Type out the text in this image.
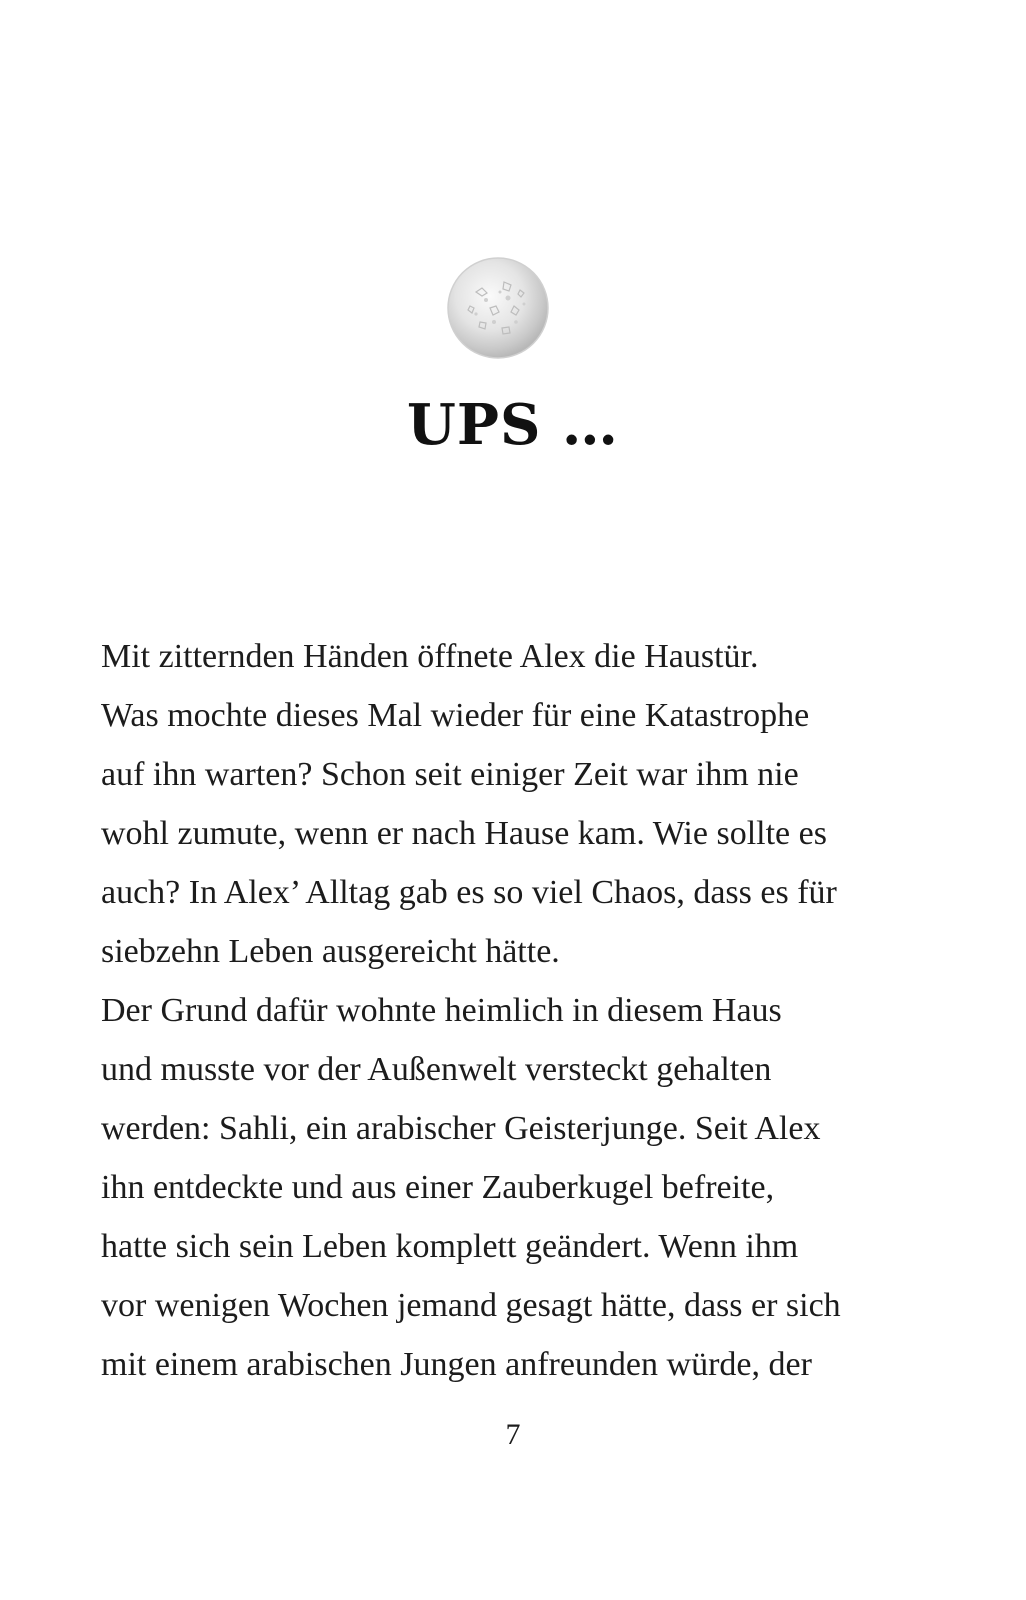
UPS …
Mit zitternden Händen öffnete Alex die Haustür.
Was mochte dieses Mal wieder für eine Katastrophe
auf ihn warten? Schon seit einiger Zeit war ihm nie
wohl zumute, wenn er nach Hause kam. Wie sollte es
auch? In Alex’ Alltag gab es so viel Chaos, dass es für
siebzehn Leben ausgereicht hätte.
Der Grund dafür wohnte heimlich in diesem Haus
und musste vor der Außenwelt versteckt gehalten
werden: Sahli, ein arabischer Geisterjunge. Seit Alex
ihn entdeckte und aus einer Zauberkugel befreite,
hatte sich sein Leben komplett geändert. Wenn ihm
vor wenigen Wochen jemand gesagt hätte, dass er sich
mit einem arabischen Jungen anfreunden würde, der
7
